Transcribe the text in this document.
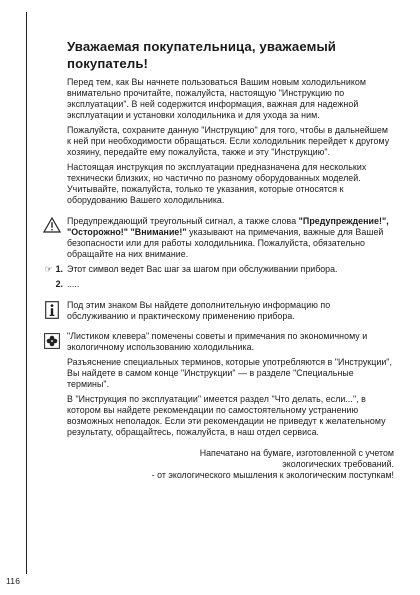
Уважаемая покупательница, уважаемый покупатель!

Перед тем, как Вы начнете пользоваться Вашим новым холодильником внимательно прочитайте, пожалуйста, настоящую "Инструкцию по эксплуатации". В ней содержится информация, важная для надежной эксплуатации и установки холодильника и для ухода за ним.

Пожалуйста, сохраните данную "Инструкцию" для того, чтобы в дальнейшем к ней при необходимости обращаться. Если холодильник перейдет к другому хозяину, передайте ему пожалуйста, также и эту "Инструкцию".

Настоящая инструкция по эксплуатации предназначена для нескольких технически близких, но частично по разному оборудованных моделей. Учитывайте, пожалуйста, только те указания, которые относятся к оборудованию Вашего холодильника.

Предупреждающий треугольный сигнал, а также слова "Предупреждение!", "Осторожно!" "Внимание!" указывают на примечания, важные для Вашей безопасности или для работы холодильника. Пожалуйста, обязательно обращайте на них внимание.

☞ 1. Этот символ ведет Вас шаг за шагом при обслуживании прибора.
2. .....

Под этим знаком Вы найдете дополнительную информацию по обслуживанию и практическому применению прибора.

"Листиком клевера" помечены советы и примечания по экономичному и экологичному использованию холодильника.

Разъяснение специальных терминов, которые употребляются в "Инструкции", Вы найдете в самом конце "Инструкции" — в разделе "Специальные термины".

В "Инструкция по эксплуатации" имеется раздел "Что делать, если...", в котором вы найдете рекомендации по самостоятельному устранению возможных неполадок. Если эти рекомендации не приведут к желательному результату, обращайтесь, пожалуйста, в наш отдел сервиса.

Напечатано на бумаге, изготовленной с учетом
экологических требований.
- от экологического мышления к экологическим поступкам!
116
